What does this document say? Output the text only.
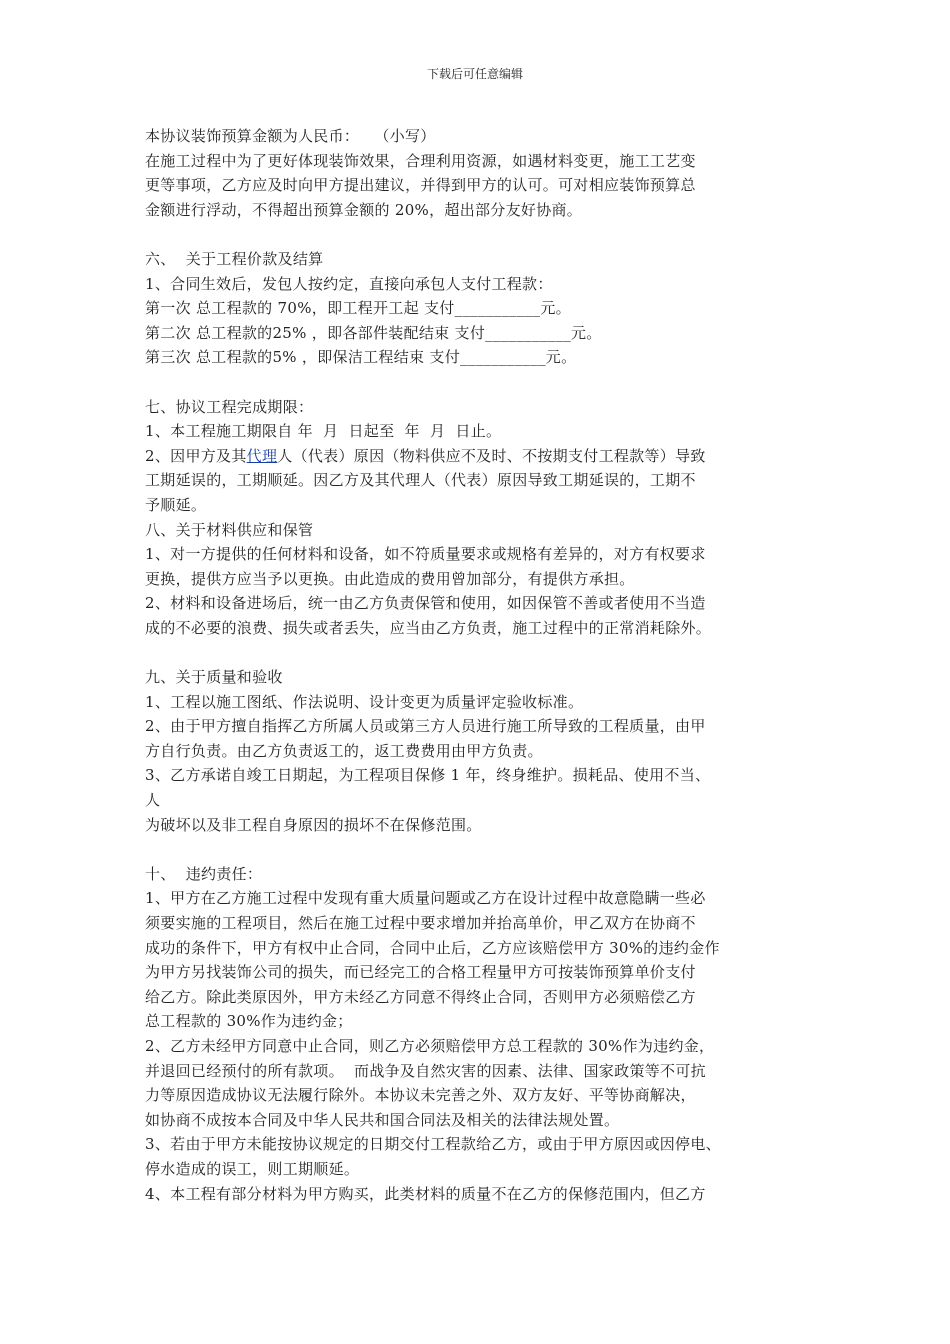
下载后可任意编辑
本协议装饰预算金额为人民币：   （小写）
在施工过程中为了更好体现装饰效果，合理利用资源，如遇材料变更，施工工艺变
更等事项，乙方应及时向甲方提出建议，并得到甲方的认可。可对相应装饰预算总
金额进行浮动，不得超出预算金额的 20%，超出部分友好协商。
六、  关于工程价款及结算
1、合同生效后，发包人按约定，直接向承包人支付工程款：
第一次 总工程款的 70%，即工程开工起 支付___________元。
第二次 总工程款的25% ，即各部件装配结束 支付___________元。
第三次 总工程款的5% ，即保洁工程结束 支付___________元。
七、协议工程完成期限：
1、本工程施工期限自 年  月  日起至  年  月  日止。
2、因甲方及其代理人（代表）原因（物料供应不及时、不按期支付工程款等）导致
工期延误的，工期顺延。因乙方及其代理人（代表）原因导致工期延误的，工期不
予顺延。
八、关于材料供应和保管
1、对一方提供的任何材料和设备，如不符质量要求或规格有差异的，对方有权要求
更换，提供方应当予以更换。由此造成的费用曾加部分，有提供方承担。
2、材料和设备进场后，统一由乙方负责保管和使用，如因保管不善或者使用不当造
成的不必要的浪费、损失或者丢失，应当由乙方负责，施工过程中的正常消耗除外。
九、关于质量和验收
1、工程以施工图纸、作法说明、设计变更为质量评定验收标准。
2、由于甲方擅自指挥乙方所属人员或第三方人员进行施工所导致的工程质量，由甲
方自行负责。由乙方负责返工的，返工费费用由甲方负责。
3、乙方承诺自竣工日期起，为工程项目保修 1 年，终身维护。损耗品、使用不当、
人
为破坏以及非工程自身原因的损坏不在保修范围。
十、  违约责任：
1、甲方在乙方施工过程中发现有重大质量问题或乙方在设计过程中故意隐瞒一些必
须要实施的工程项目，然后在施工过程中要求增加并抬高单价，甲乙双方在协商不
成功的条件下，甲方有权中止合同，合同中止后，乙方应该赔偿甲方 30%的违约金作
为甲方另找装饰公司的损失，而已经完工的合格工程量甲方可按装饰预算单价支付
给乙方。除此类原因外，甲方未经乙方同意不得终止合同，否则甲方必须赔偿乙方
总工程款的 30%作为违约金；
2、乙方未经甲方同意中止合同，则乙方必须赔偿甲方总工程款的 30%作为违约金，
并退回已经预付的所有款项。  而战争及自然灾害的因素、法律、国家政策等不可抗
力等原因造成协议无法履行除外。本协议未完善之外、双方友好、平等协商解决，
如协商不成按本合同及中华人民共和国合同法及相关的法律法规处置。
3、若由于甲方未能按协议规定的日期交付工程款给乙方，或由于甲方原因或因停电、
停水造成的误工，则工期顺延。
4、本工程有部分材料为甲方购买，此类材料的质量不在乙方的保修范围内，但乙方
